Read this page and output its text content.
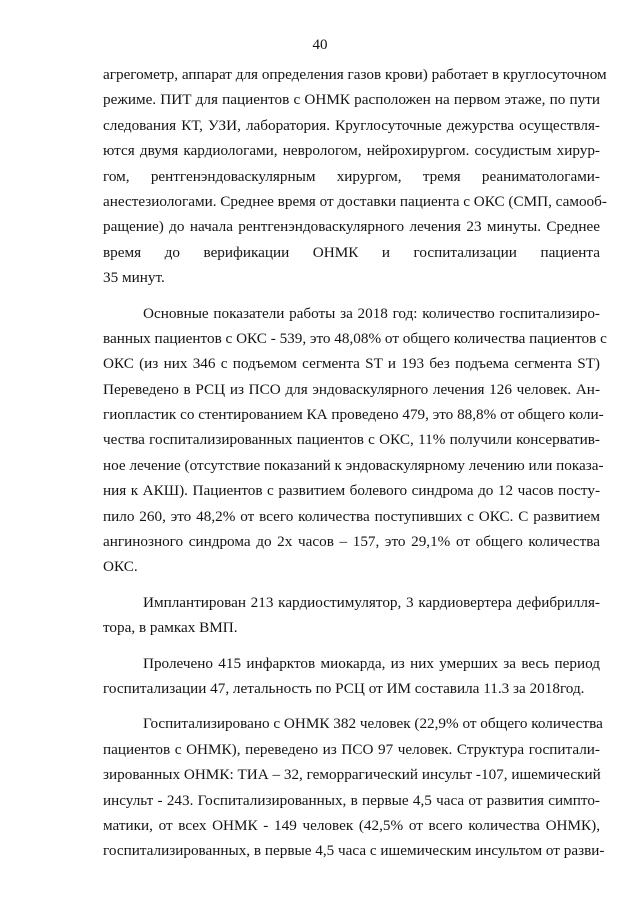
40
агрегометр, аппарат для определения газов крови) работает в круглосуточном
режиме. ПИТ для пациентов с ОНМК расположен на первом этаже, по пути
следования КТ, УЗИ, лаборатория. Круглосуточные дежурства осуществля-
ются двумя кардиологами, неврологом, нейрохирургом. сосудистым хирур-
гом, рентгенэндоваскулярным хирургом, тремя реаниматологами-
анестезиологами. Среднее время от доставки пациента с ОКС (СМП, самооб-
ращение) до начала рентгенэндоваскулярного лечения 23 минуты. Среднее
время до верификации ОНМК и госпитализации пациента
35 минут.
Основные показатели работы за 2018 год: количество госпитализиро-
ванных пациентов с ОКС - 539, это 48,08% от общего количества пациентов с
ОКС (из них 346 с подъемом сегмента ST и 193 без подъема сегмента ST)
Переведено в РСЦ из ПСО для эндоваскулярного лечения 126 человек. Ан-
гиопластик со стентированием КА проведено 479, это 88,8% от общего коли-
чества госпитализированных пациентов с ОКС, 11% получили консерватив-
ное лечение (отсутствие показаний к эндоваскулярному лечению или показа-
ния к АКШ). Пациентов с развитием болевого синдрома до 12 часов посту-
пило 260, это 48,2% от всего количества поступивших с ОКС. С развитием
ангинозного синдрома до 2х часов – 157, это 29,1% от общего количества
ОКС.
Имплантирован 213 кардиостимулятор, 3 кардиовертера дефибрилля-
тора, в рамках ВМП.
Пролечено 415 инфарктов миокарда, из них умерших за весь период
госпитализации 47, летальность по РСЦ от ИМ составила 11.3 за 2018год.
Госпитализировано с ОНМК 382 человек (22,9% от общего количества
пациентов с ОНМК), переведено из ПСО 97 человек. Структура госпитали-
зированных ОНМК: ТИА – 32, геморрагический инсульт -107, ишемический
инсульт - 243. Госпитализированных, в первые 4,5 часа от развития симпто-
матики, от всех ОНМК - 149 человек (42,5% от всего количества ОНМК),
госпитализированных, в первые 4,5 часа с ишемическим инсультом от разви-
